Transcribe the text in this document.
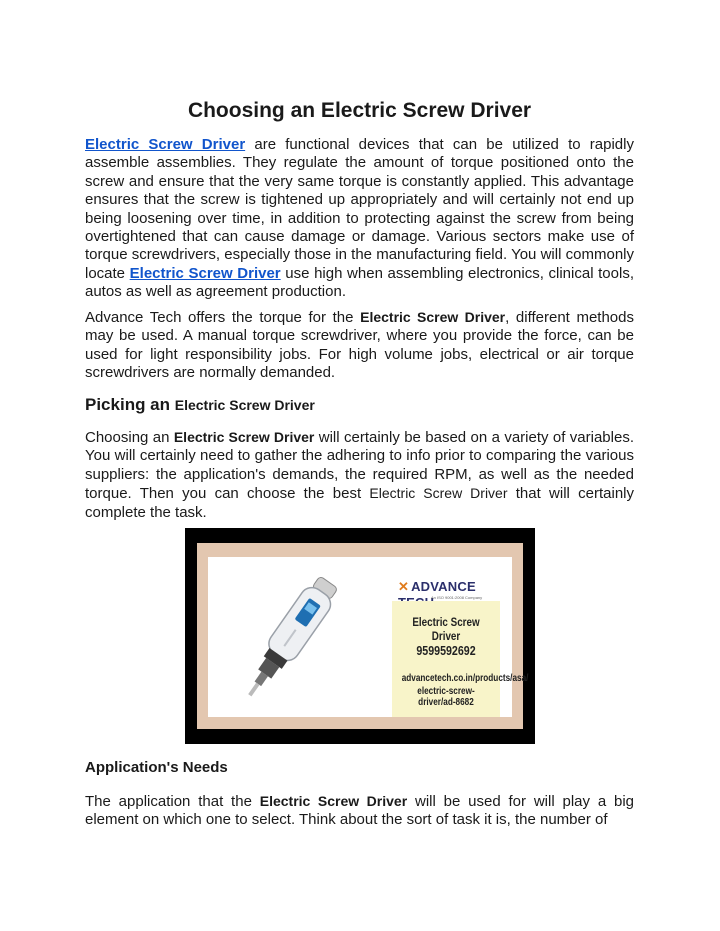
Choosing an Electric Screw Driver

Electric Screw Driver are functional devices that can be utilized to rapidly assemble assemblies. They regulate the amount of torque positioned onto the screw and ensure that the very same torque is constantly applied. This advantage ensures that the screw is tightened up appropriately and will certainly not end up being loosening over time, in addition to protecting against the screw from being overtightened that can cause damage or damage. Various sectors make use of torque screwdrivers, especially those in the manufacturing field. You will commonly locate Electric Screw Driver use high when assembling electronics, clinical tools, autos as well as agreement production.

Advance Tech offers the torque for the Electric Screw Driver, different methods may be used. A manual torque screwdriver, where you provide the force, can be used for light responsibility jobs. For high volume jobs, electrical or air torque screwdrivers are normally demanded.

Picking an Electric Screw Driver

Choosing an Electric Screw Driver will certainly be based on a variety of variables. You will certainly need to gather the adhering to info prior to comparing the various suppliers: the application's demands, the required RPM, as well as the needed torque. Then you can choose the best Electric Screw Driver that will certainly complete the task.

Application's Needs

The application that the Electric Screw Driver will be used for will play a big element on which one to select. Think about the sort of task it is, the number of

✕ ADVANCE
An ISO 9001:2008 Company
Electric Screw Driver
9599592692
advancetech.co.in/products/asa/
electric-screw-driver/ad-8682
